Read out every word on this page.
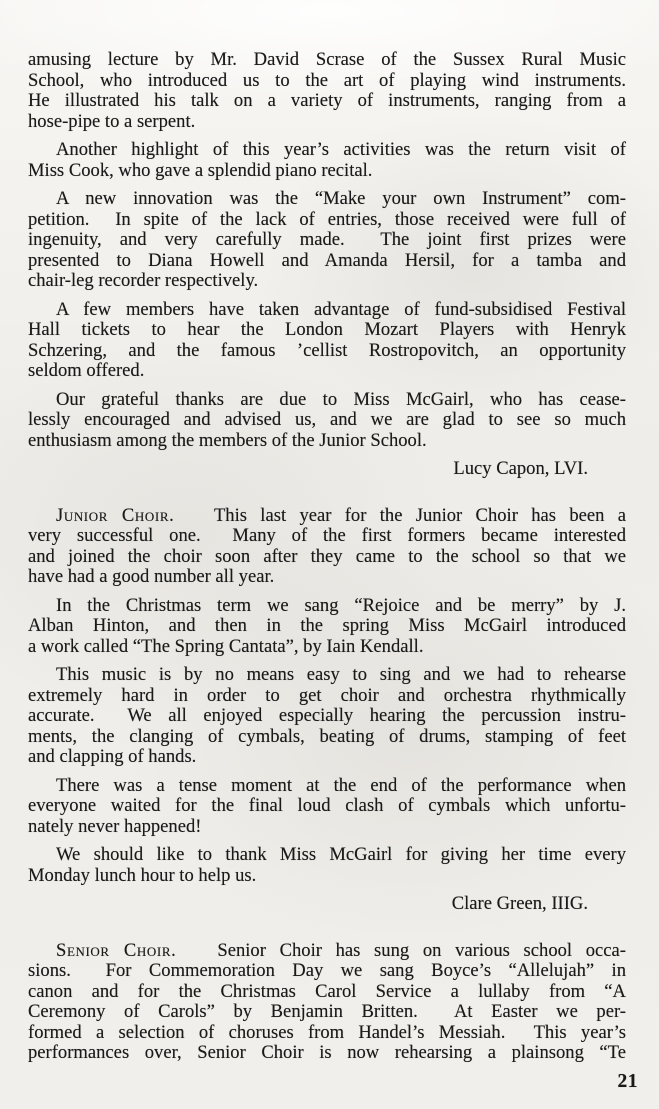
amusing lecture by Mr. David Scrase of the Sussex Rural Music
School, who introduced us to the art of playing wind instruments.
He illustrated his talk on a variety of instruments, ranging from a
hose-pipe to a serpent.
Another highlight of this year’s activities was the return visit of
Miss Cook, who gave a splendid piano recital.
A new innovation was the “Make your own Instrument” com-
petition.  In spite of the lack of entries, those received were full of
ingenuity, and very carefully made.  The joint first prizes were
presented to Diana Howell and Amanda Hersil, for a tamba and
chair-leg recorder respectively.
A few members have taken advantage of fund-subsidised Festival
Hall tickets to hear the London Mozart Players with Henryk
Schzering, and the famous ’cellist Rostropovitch, an opportunity
seldom offered.
Our grateful thanks are due to Miss McGairl, who has cease-
lessly encouraged and advised us, and we are glad to see so much
enthusiasm among the members of the Junior School.
Lucy Capon, LVI.
Junior Choir.   This last year for the Junior Choir has been a
very successful one.  Many of the first formers became interested
and joined the choir soon after they came to the school so that we
have had a good number all year.
In the Christmas term we sang “Rejoice and be merry” by J.
Alban Hinton, and then in the spring Miss McGairl introduced
a work called “The Spring Cantata”, by Iain Kendall.
This music is by no means easy to sing and we had to rehearse
extremely hard in order to get choir and orchestra rhythmically
accurate.  We all enjoyed especially hearing the percussion instru-
ments, the clanging of cymbals, beating of drums, stamping of feet
and clapping of hands.
There was a tense moment at the end of the performance when
everyone waited for the final loud clash of cymbals which unfortu-
nately never happened!
We should like to thank Miss McGairl for giving her time every
Monday lunch hour to help us.
Clare Green, IIIG.
Senior Choir.   Senior Choir has sung on various school occa-
sions.  For Commemoration Day we sang Boyce’s “Allelujah” in
canon and for the Christmas Carol Service a lullaby from “A
Ceremony of Carols” by Benjamin Britten.  At Easter we per-
formed a selection of choruses from Handel’s Messiah.  This year’s
performances over, Senior Choir is now rehearsing a plainsong “Te
21
